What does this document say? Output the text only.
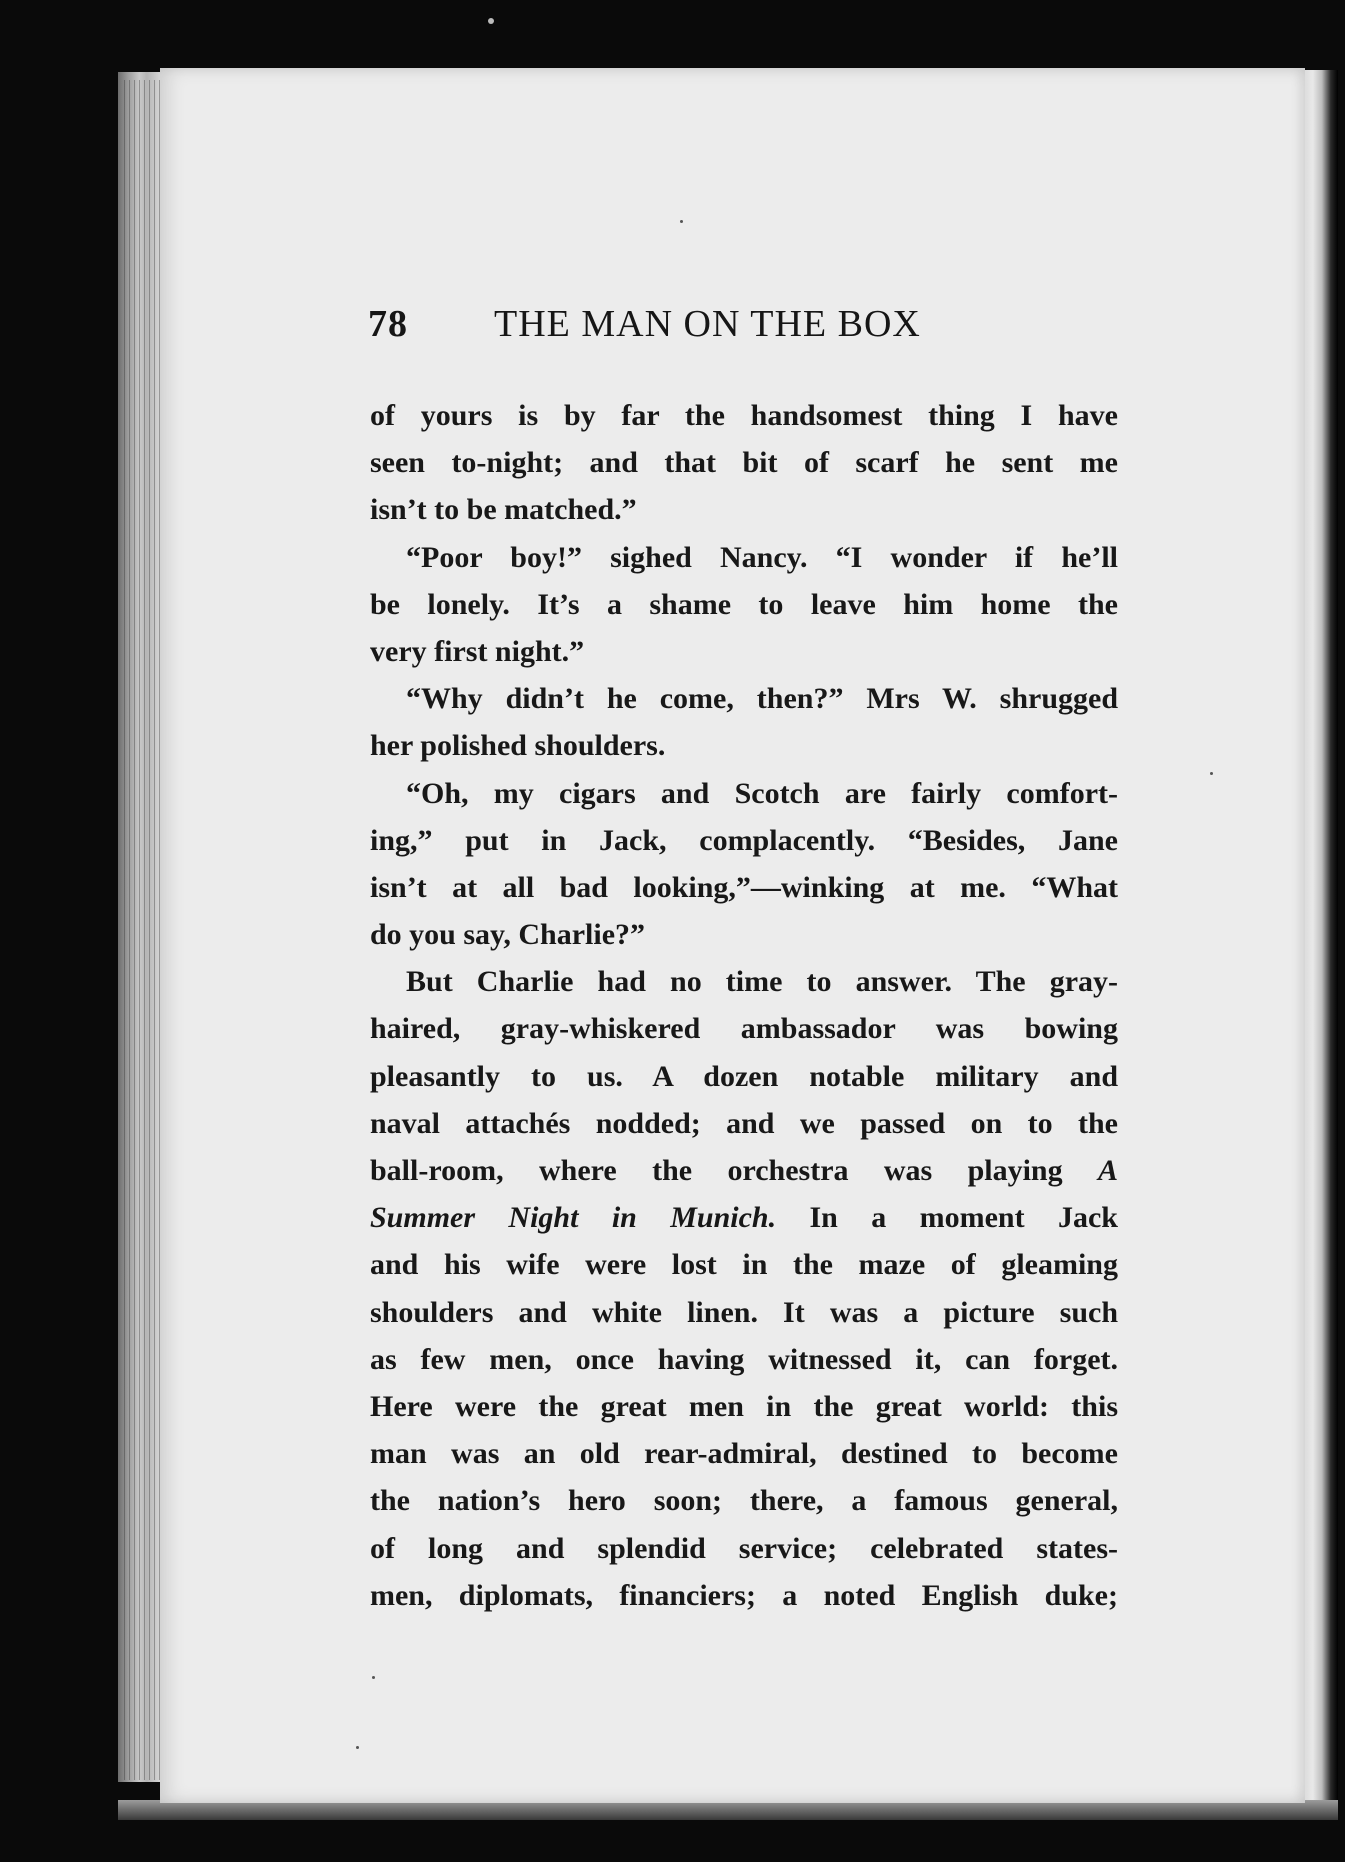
78 THE MAN ON THE BOX
of yours is by far the handsomest thing I have
seen to-night; and that bit of scarf he sent me
isn’t to be matched.”
“Poor boy!” sighed Nancy. “I wonder if he’ll
be lonely. It’s a shame to leave him home the
very first night.”
“Why didn’t he come, then?” Mrs W. shrugged
her polished shoulders.
“Oh, my cigars and Scotch are fairly comfort-
ing,” put in Jack, complacently. “Besides, Jane
isn’t at all bad looking,”—winking at me. “What
do you say, Charlie?”
But Charlie had no time to answer. The gray-
haired, gray-whiskered ambassador was bowing
pleasantly to us. A dozen notable military and
naval attachés nodded; and we passed on to the
ball-room, where the orchestra was playing A
Summer Night in Munich. In a moment Jack
and his wife were lost in the maze of gleaming
shoulders and white linen. It was a picture such
as few men, once having witnessed it, can forget.
Here were the great men in the great world: this
man was an old rear-admiral, destined to become
the nation’s hero soon; there, a famous general,
of long and splendid service; celebrated states-
men, diplomats, financiers; a noted English duke;
